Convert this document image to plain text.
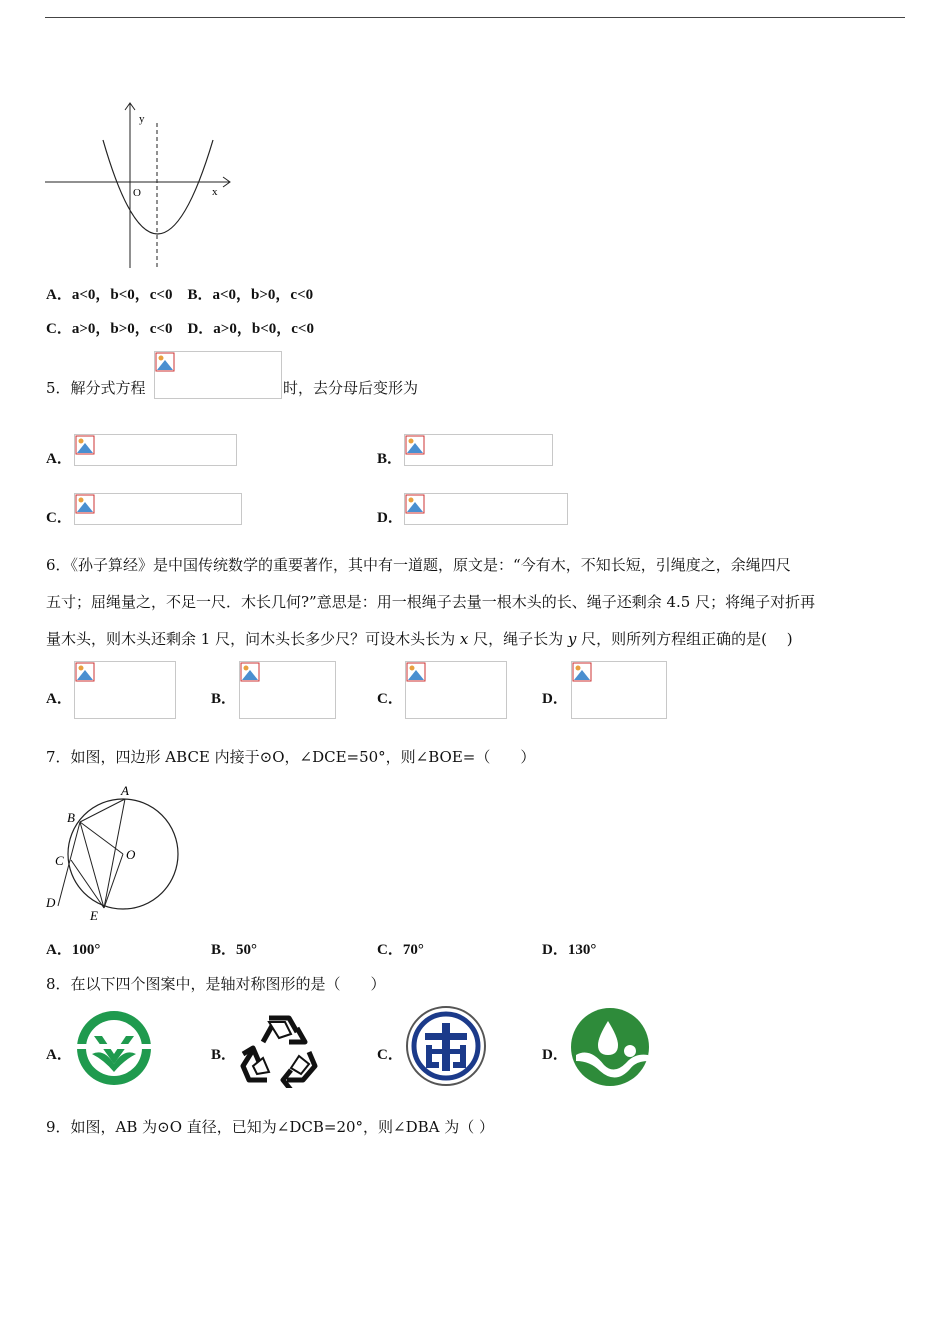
y
x
O
A．a<0，b<0，c<0　B．a<0，b>0，c<0
C．a>0，b>0，c<0　D．a>0，b<0，c<0
5．解分式方程	时，去分母后变形为
A．	B．
C．	D．
6．《孙子算经》是中国传统数学的重要著作，其中有一道题，原文是：“今有木，不知长短，引绳度之，余绳四尺
五寸；屈绳量之，不足一尺．木长几何?”意思是：用一根绳子去量一根木头的长、绳子还剩余 4.5 尺；将绳子对折再
量木头，则木头还剩余 1 尺，问木头长多少尺？可设木头长为 x 尺，绳子长为 y 尺，则所列方程组正确的是(　 )
A．	B．	C．	D．
7．如图，四边形 ABCE 内接于⊙O，∠DCE=50°，则∠BOE=（　　）
A
B
C
D
E
O
A．100°	B．50°	C．70°	D．130°
8．在以下四个图案中，是轴对称图形的是（　　）
A．	B．	C．	D．
9．如图，AB 为⊙O 直径，已知为∠DCB=20°，则∠DBA 为（ ）
